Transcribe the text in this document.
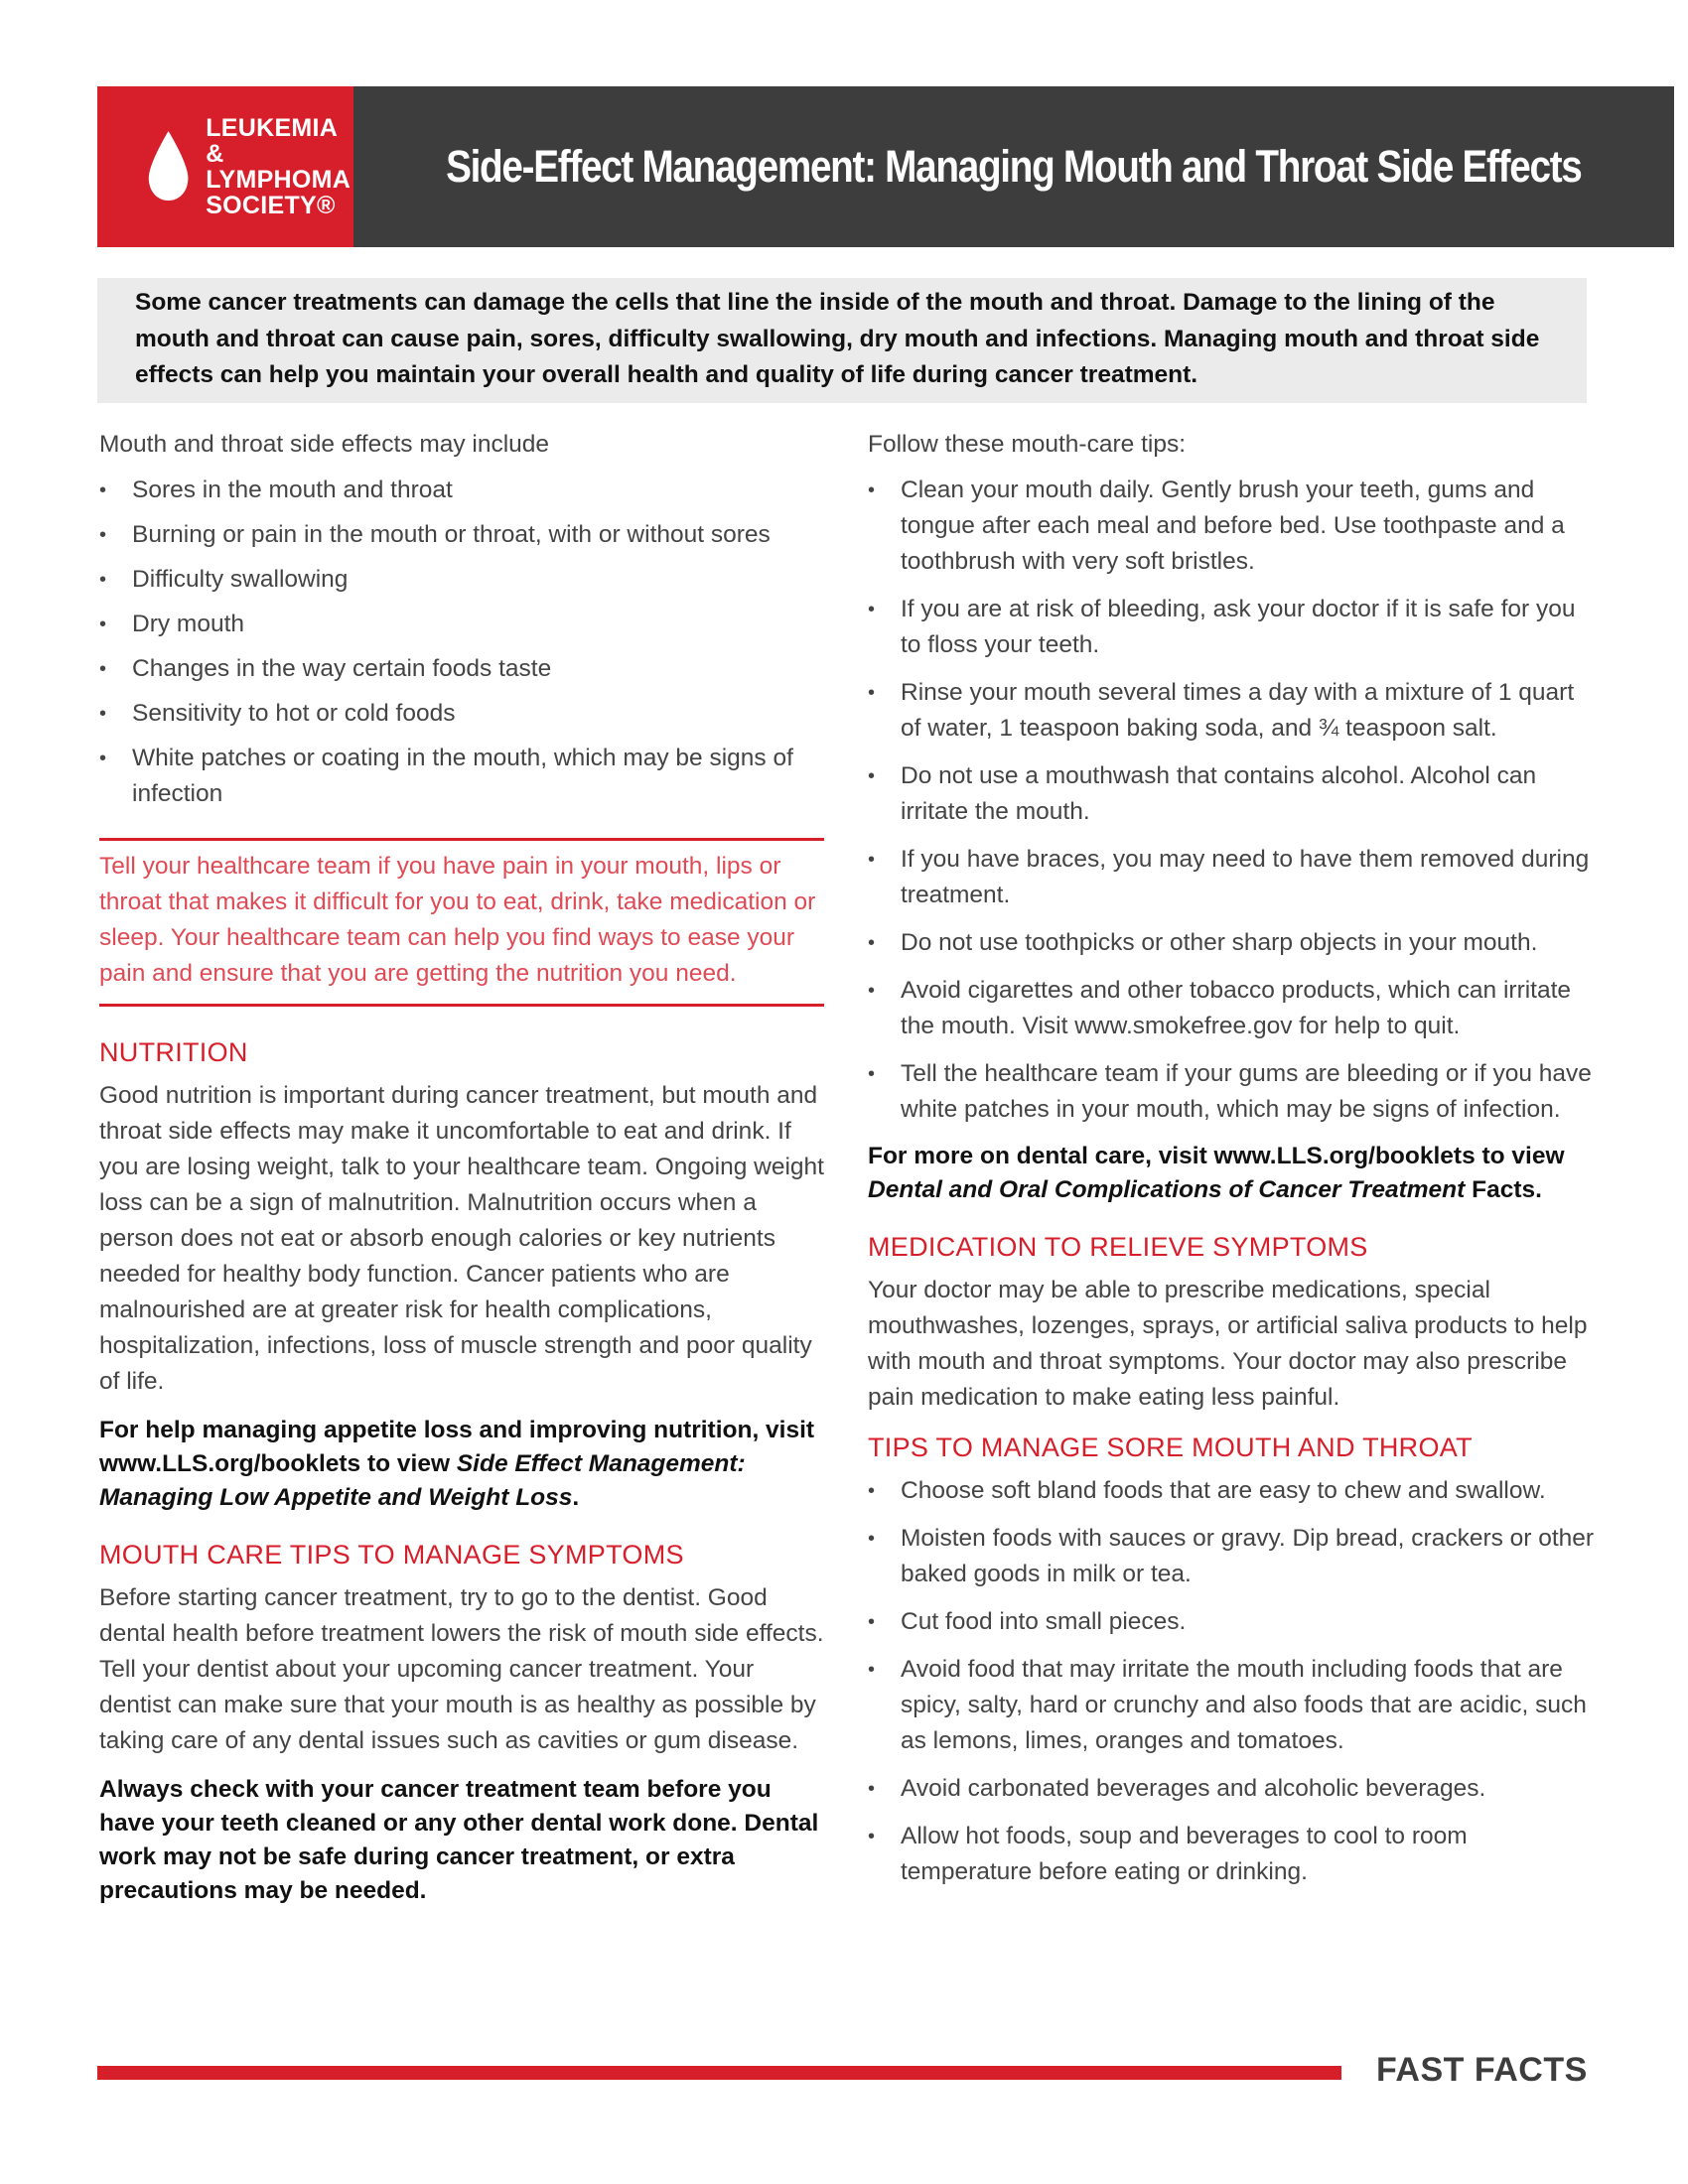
LEUKEMIA &
LYMPHOMA
SOCIETY®
Side-Effect Management: Managing Mouth and Throat Side Effects

Some cancer treatments can damage the cells that line the inside of the mouth and throat. Damage to the lining of the mouth and throat can cause pain, sores, difficulty swallowing, dry mouth and infections. Managing mouth and throat side effects can help you maintain your overall health and quality of life during cancer treatment.

Mouth and throat side effects may include

• Sores in the mouth and throat
• Burning or pain in the mouth or throat, with or without sores
• Difficulty swallowing
• Dry mouth
• Changes in the way certain foods taste
• Sensitivity to hot or cold foods
• White patches or coating in the mouth, which may be signs of infection

Tell your healthcare team if you have pain in your mouth, lips or throat that makes it difficult for you to eat, drink, take medication or sleep. Your healthcare team can help you find ways to ease your pain and ensure that you are getting the nutrition you need.

NUTRITION

Good nutrition is important during cancer treatment, but mouth and throat side effects may make it uncomfortable to eat and drink. If you are losing weight, talk to your healthcare team. Ongoing weight loss can be a sign of malnutrition. Malnutrition occurs when a person does not eat or absorb enough calories or key nutrients needed for healthy body function. Cancer patients who are malnourished are at greater risk for health complications, hospitalization, infections, loss of muscle strength and poor quality of life.

For help managing appetite loss and improving nutrition, visit www.LLS.org/booklets to view Side Effect Management: Managing Low Appetite and Weight Loss.

MOUTH CARE TIPS TO MANAGE SYMPTOMS

Before starting cancer treatment, try to go to the dentist. Good dental health before treatment lowers the risk of mouth side effects. Tell your dentist about your upcoming cancer treatment. Your dentist can make sure that your mouth is as healthy as possible by taking care of any dental issues such as cavities or gum disease.

Always check with your cancer treatment team before you have your teeth cleaned or any other dental work done. Dental work may not be safe during cancer treatment, or extra precautions may be needed.

Follow these mouth-care tips:

• Clean your mouth daily. Gently brush your teeth, gums and tongue after each meal and before bed. Use toothpaste and a toothbrush with very soft bristles.
• If you are at risk of bleeding, ask your doctor if it is safe for you to floss your teeth.
• Rinse your mouth several times a day with a mixture of 1 quart of water, 1 teaspoon baking soda, and ¾ teaspoon salt.
• Do not use a mouthwash that contains alcohol. Alcohol can irritate the mouth.
• If you have braces, you may need to have them removed during treatment.
• Do not use toothpicks or other sharp objects in your mouth.
• Avoid cigarettes and other tobacco products, which can irritate the mouth. Visit www.smokefree.gov for help to quit.
• Tell the healthcare team if your gums are bleeding or if you have white patches in your mouth, which may be signs of infection.

For more on dental care, visit www.LLS.org/booklets to view Dental and Oral Complications of Cancer Treatment Facts.

MEDICATION TO RELIEVE SYMPTOMS

Your doctor may be able to prescribe medications, special mouthwashes, lozenges, sprays, or artificial saliva products to help with mouth and throat symptoms. Your doctor may also prescribe pain medication to make eating less painful.

TIPS TO MANAGE SORE MOUTH AND THROAT
• Choose soft bland foods that are easy to chew and swallow.
• Moisten foods with sauces or gravy. Dip bread, crackers or other baked goods in milk or tea.
• Cut food into small pieces.
• Avoid food that may irritate the mouth including foods that are spicy, salty, hard or crunchy and also foods that are acidic, such as lemons, limes, oranges and tomatoes.
• Avoid carbonated beverages and alcoholic beverages.
• Allow hot foods, soup and beverages to cool to room temperature before eating or drinking.
FAST FACTS
